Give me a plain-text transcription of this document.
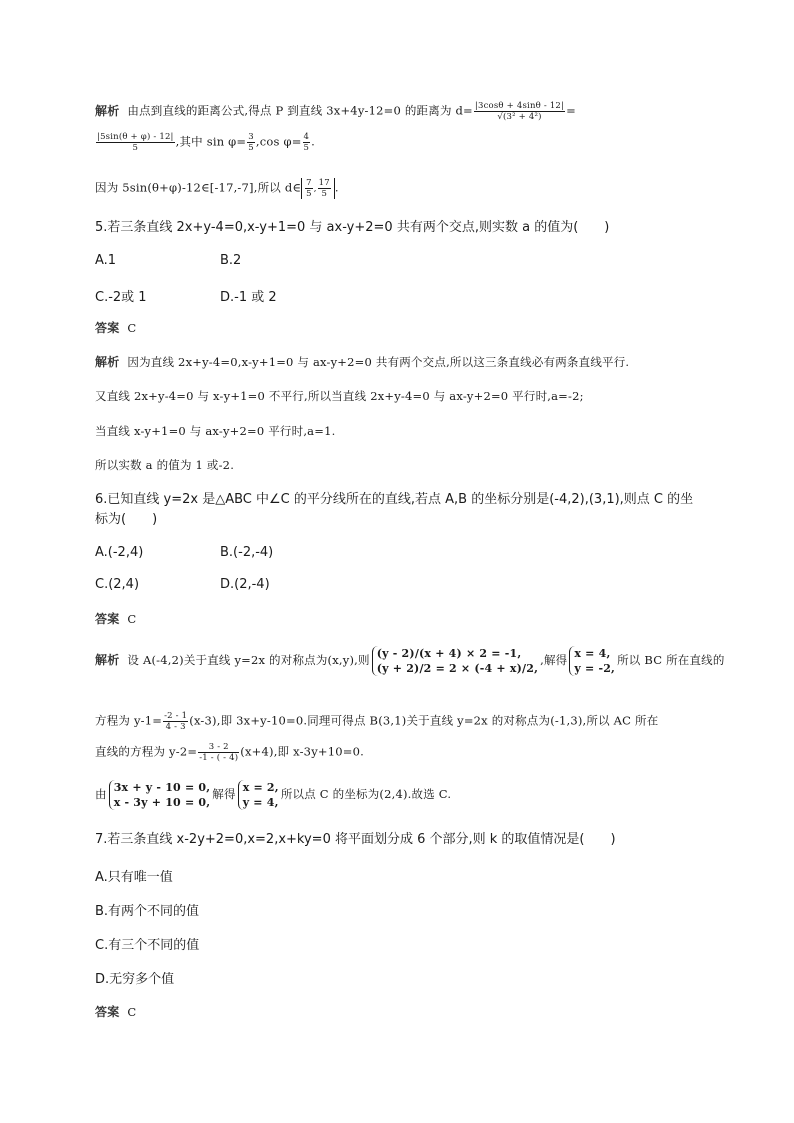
解析 由点到直线的距离公式,得点 P 到直线 3x+4y-12=0 的距离为 $d= \frac{|3\cos\theta + 4\sin\theta - 12|}{\text{√(3² + 4²)}}$ =
$\frac{|5\sin(\theta + \varphi) - 12|}{5}$ ,其中 $\sin \varphi= \frac{3}{5} ,\cos$ $\varphi= \frac{4}{5}$ .
因为 5sin(θ+φ)-12∈[-17,-7],所以 d∈ $\frac{7}{5}$ , $\frac{17}{5}$ .
5.若三条直线 2x+y-4=0,x-y+1=0 与 ax-y+2=0 共有两个交点,则实数 a 的值为(　　)
A.1	B.2
C.-2或 1	D.-1 或 2
答案 C
解析 因为直线 2x+y-4=0,x-y+1=0 与 ax-y+2=0 共有两个交点,所以这三条直线必有两条直线平行.
又直线 2x+y-4=0 与 x-y+1=0 不平行,所以当直线 2x+y-4=0 与 ax-y+2=0 平行时,a=-2;
当直线 x-y+1=0 与 ax-y+2=0 平行时,a=1.
所以实数 a 的值为 1 或-2.
6.已知直线 y=2x 是△ABC 中∠C 的平分线所在的直线,若点 A,B 的坐标分别是(-4,2),(3,1),则点 C 的坐
标为(　　)
A.(-2,4)	B.(-2,-4)
C.(2,4)	D.(2,-4)
答案 C
解析 设 A(-4,2)关于直线 y=2x 的对称点为(x,y),则 (y - 2)/(x + 4) × 2 = -1,
(y + 2)/2 = 2 × (-4 + x)/2,
,解得 x = 4,
y = -2,
所以 BC 所在直线的
方程为 $y-1= \frac{-2 - 1}{4 - 3} (x-3)$,即 3x+y-10=0.同理可得点 B(3,1)关于直线 y=2x 的对称点为(-1,3),所以 AC 所在
直线的方程为 $y-2= \frac{3 - 2}{-1 - ( - 4)} (x+4)$,即 x-3y+10=0.
由 3x + y - 10 = 0,
x - 3y + 10 = 0,
解得 x = 2,
y = 4,
所以点 C 的坐标为(2,4).故选 C.
7.若三条直线 x-2y+2=0,x=2,x+ky=0 将平面划分成 6 个部分,则 k 的取值情况是(　　)
A.只有唯一值
B.有两个不同的值
C.有三个不同的值
D.无穷多个值
答案 C
